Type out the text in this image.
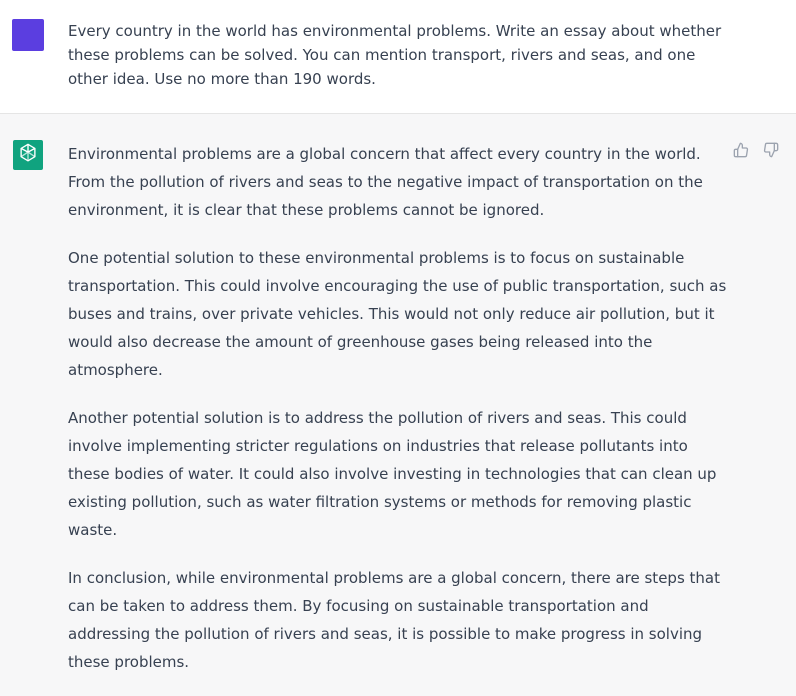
Every country in the world has environmental problems. Write an essay about whether these problems can be solved. You can mention transport, rivers and seas, and one other idea. Use no more than 190 words.

Environmental problems are a global concern that affect every country in the world. From the pollution of rivers and seas to the negative impact of transportation on the environment, it is clear that these problems cannot be ignored.

One potential solution to these environmental problems is to focus on sustainable transportation. This could involve encouraging the use of public transportation, such as buses and trains, over private vehicles. This would not only reduce air pollution, but it would also decrease the amount of greenhouse gases being released into the atmosphere.

Another potential solution is to address the pollution of rivers and seas. This could involve implementing stricter regulations on industries that release pollutants into these bodies of water. It could also involve investing in technologies that can clean up existing pollution, such as water filtration systems or methods for removing plastic waste.

In conclusion, while environmental problems are a global concern, there are steps that can be taken to address them. By focusing on sustainable transportation and addressing the pollution of rivers and seas, it is possible to make progress in solving these problems.
